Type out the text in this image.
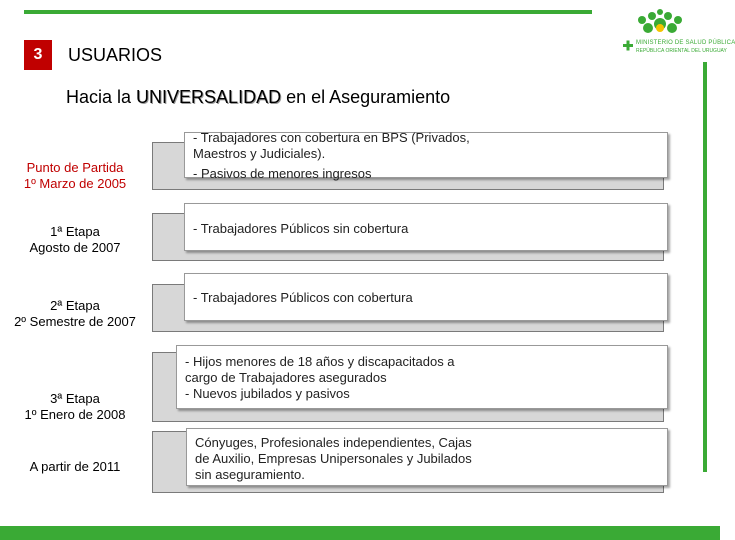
MINISTERIO DE SALUD PÚBLICA
REPÚBLICA ORIENTAL DEL URUGUAY
3	USUARIOS
Hacia la UNIVERSALIDAD en el Aseguramiento
Punto de Partida
1º Marzo de 2005
- Trabajadores con cobertura en BPS (Privados,
Maestros y Judiciales).
- Pasivos de menores ingresos
1ª Etapa
Agosto de 2007
- Trabajadores Públicos sin cobertura
2ª Etapa
2º Semestre de 2007
- Trabajadores Públicos con cobertura
3ª Etapa
1º Enero de 2008
- Hijos menores de 18 años y discapacitados a
cargo de Trabajadores asegurados
- Nuevos jubilados y pasivos
A partir de 2011
Cónyuges, Profesionales independientes, Cajas
de Auxilio, Empresas Unipersonales y Jubilados
sin aseguramiento.
